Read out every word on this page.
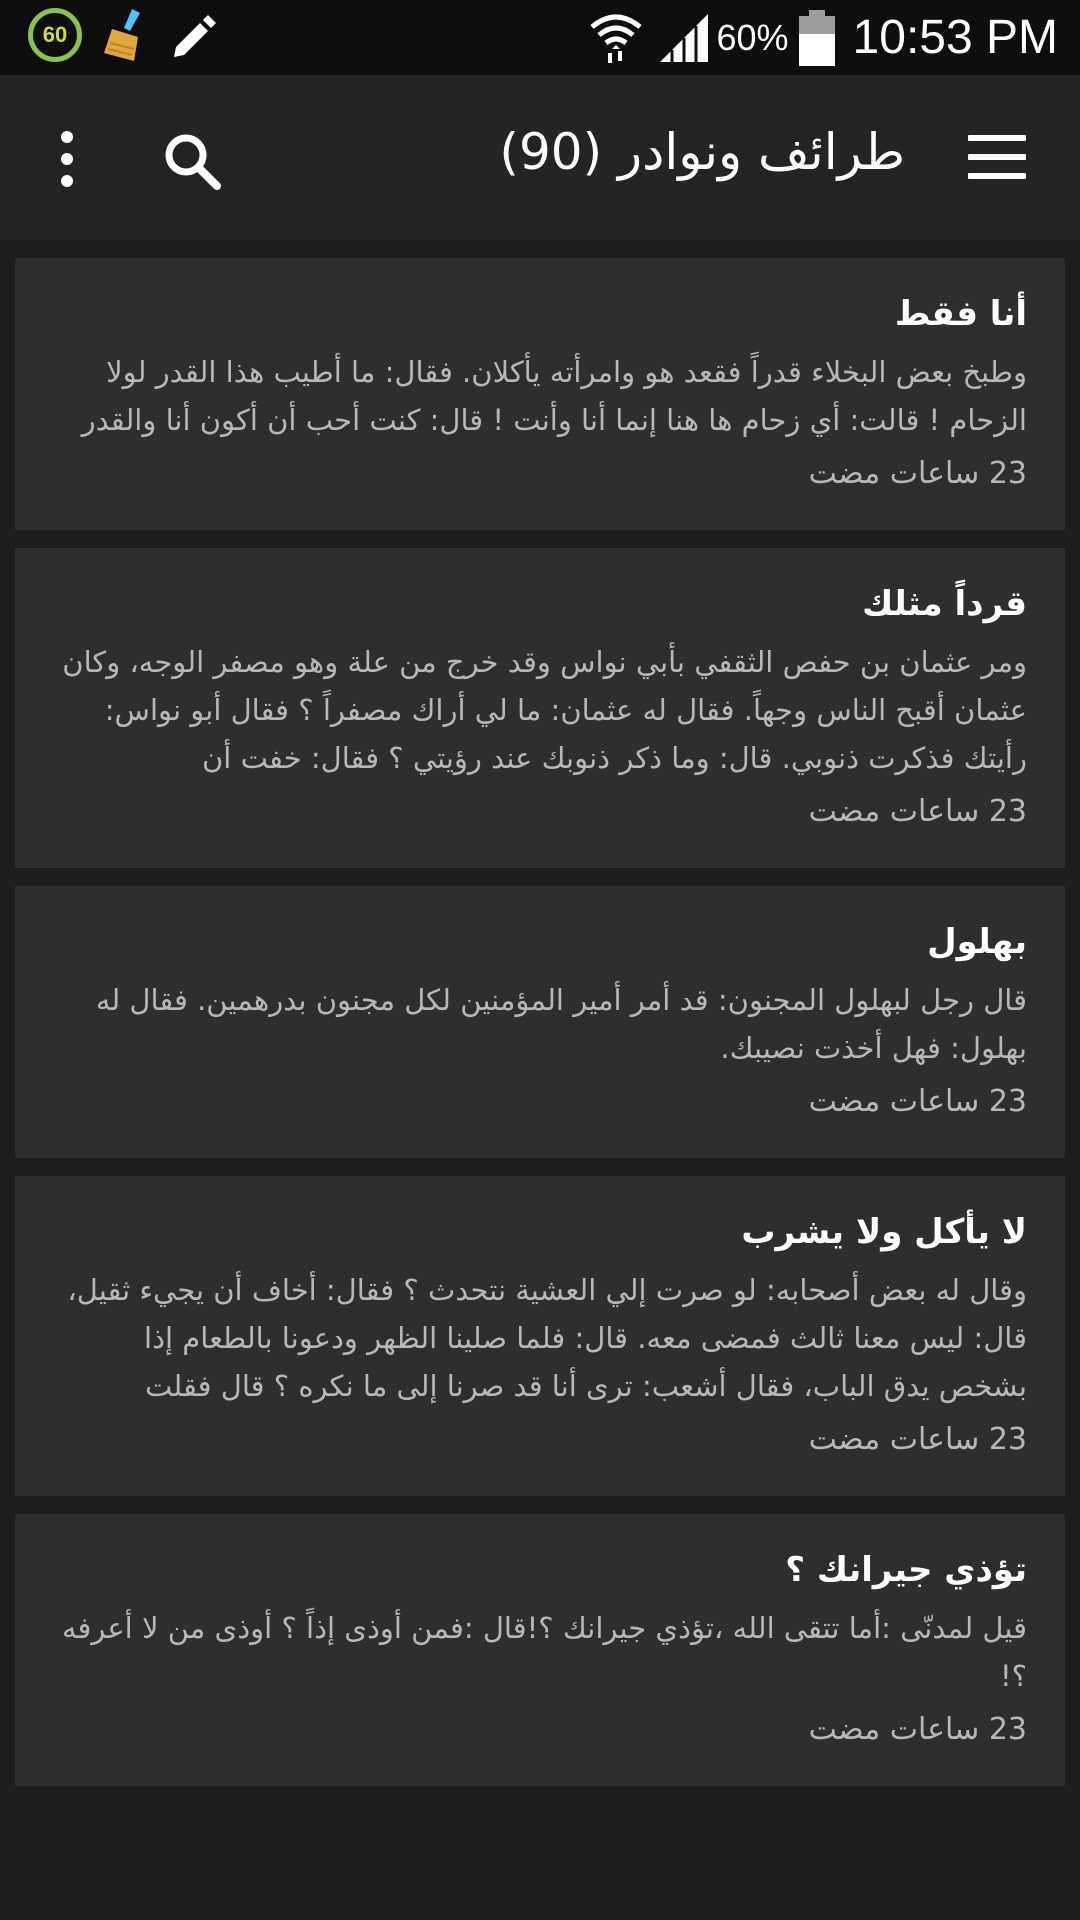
60	60% 10:53 PM
طرائف ونوادر (90)
أنا فقط
وطبخ بعض البخلاء قدراً فقعد هو وامرأته يأكلان. فقال: ما أطيب هذا القدر لولا الزحام ! قالت: أي زحام ها هنا إنما أنا وأنت ! قال: كنت أحب أن أكون أنا والقدر
23 ساعات مضت
قرداً مثلك
ومر عثمان بن حفص الثقفي بأبي نواس وقد خرج من علة وهو مصفر الوجه، وكان عثمان أقبح الناس وجهاً. فقال له عثمان: ما لي أراك مصفراً ؟ فقال أبو نواس: رأيتك فذكرت ذنوبي. قال: وما ذكر ذنوبك عند رؤيتي ؟ فقال: خفت أن
23 ساعات مضت
بهلول
قال رجل لبهلول المجنون: قد أمر أمير المؤمنين لكل مجنون بدرهمين. فقال له بهلول: فهل أخذت نصيبك.
23 ساعات مضت
لا يأكل ولا يشرب
وقال له بعض أصحابه: لو صرت إلي العشية نتحدث ؟ فقال: أخاف أن يجيء ثقيل، قال: ليس معنا ثالث فمضى معه. قال: فلما صلينا الظهر ودعونا بالطعام إذا بشخص يدق الباب، فقال أشعب: ترى أنا قد صرنا إلى ما نكره ؟ قال فقلت
23 ساعات مضت
تؤذي جيرانك ؟
قيل لمدنّى :أما تتقى الله ،تؤذي جيرانك ؟!قال :فمن أوذى إذاً ؟ أوذى من لا أعرفه ؟!
23 ساعات مضت
